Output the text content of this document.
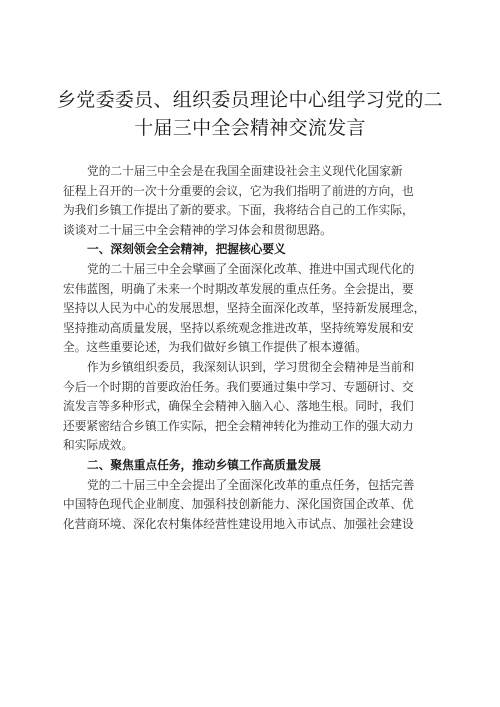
乡党委委员、组织委员理论中心组学习党的二
十届三中全会精神交流发言
党的二十届三中全会是在我国全面建设社会主义现代化国家新
征程上召开的一次十分重要的会议，它为我们指明了前进的方向，也
为我们乡镇工作提出了新的要求。下面，我将结合自己的工作实际，
谈谈对二十届三中全会精神的学习体会和贯彻思路。
一、深刻领会全会精神，把握核心要义
党的二十届三中全会擘画了全面深化改革、推进中国式现代化的
宏伟蓝图，明确了未来一个时期改革发展的重点任务。全会提出，要
坚持以人民为中心的发展思想，坚持全面深化改革，坚持新发展理念，
坚持推动高质量发展，坚持以系统观念推进改革，坚持统筹发展和安
全。这些重要论述，为我们做好乡镇工作提供了根本遵循。
作为乡镇组织委员，我深刻认识到，学习贯彻全会精神是当前和
今后一个时期的首要政治任务。我们要通过集中学习、专题研讨、交
流发言等多种形式，确保全会精神入脑入心、落地生根。同时，我们
还要紧密结合乡镇工作实际，把全会精神转化为推动工作的强大动力
和实际成效。
二、聚焦重点任务，推动乡镇工作高质量发展
党的二十届三中全会提出了全面深化改革的重点任务，包括完善
中国特色现代企业制度、加强科技创新能力、深化国资国企改革、优
化营商环境、深化农村集体经营性建设用地入市试点、加强社会建设
